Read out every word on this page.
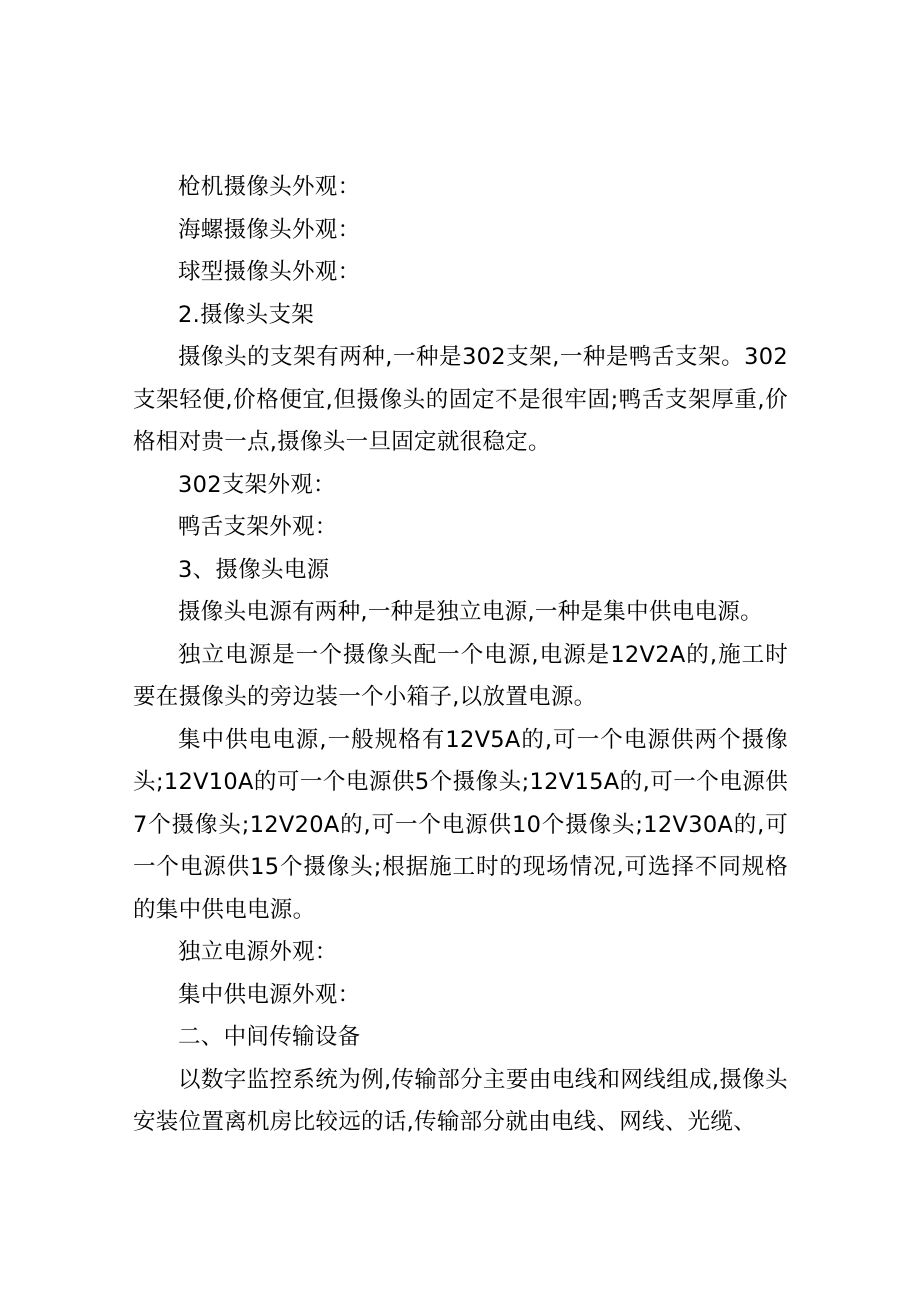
枪机摄像头外观：

海螺摄像头外观：

球型摄像头外观：

2.摄像头支架

摄像头的支架有两种,一种是302支架,一种是鸭舌支架。302支架轻便,价格便宜,但摄像头的固定不是很牢固;鸭舌支架厚重,价格相对贵一点,摄像头一旦固定就很稳定。

302支架外观：

鸭舌支架外观：

3、摄像头电源

摄像头电源有两种,一种是独立电源,一种是集中供电电源。

独立电源是一个摄像头配一个电源,电源是12V2A的,施工时要在摄像头的旁边装一个小箱子,以放置电源。

集中供电电源,一般规格有12V5A的,可一个电源供两个摄像头;12V10A的可一个电源供5个摄像头;12V15A的,可一个电源供7个摄像头;12V20A的,可一个电源供10个摄像头;12V30A的,可一个电源供15个摄像头;根据施工时的现场情况,可选择不同规格的集中供电电源。

独立电源外观：

集中供电源外观：

二、中间传输设备

以数字监控系统为例,传输部分主要由电线和网线组成,摄像头安装位置离机房比较远的话,传输部分就由电线、网线、光缆、
